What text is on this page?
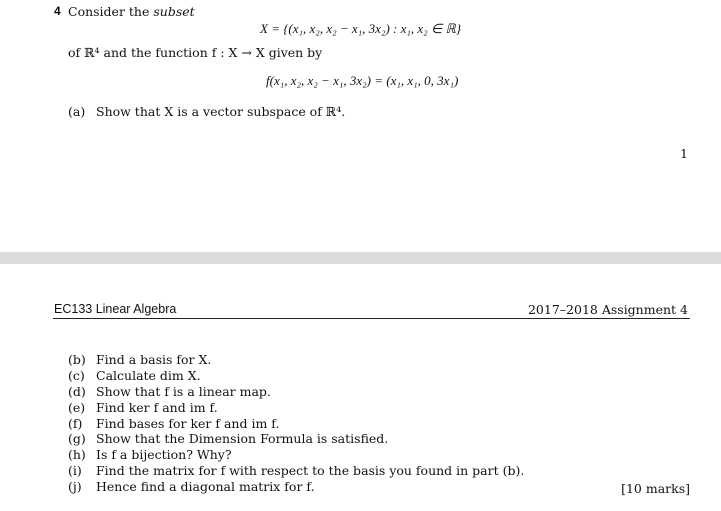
4 Consider the subset
X = {(x₁, x₂, x₂ − x₁, 3x₂) : x₁, x₂ ∈ ℝ}
of ℝ⁴ and the function f : X → X given by
f(x₁, x₂, x₂ − x₁, 3x₂) = (x₁, x₁, 0, 3x₁)
(a) Show that X is a vector subspace of ℝ⁴.
1
EC133 Linear Algebra	2017–2018 Assignment 4
(b) Find a basis for X.
(c) Calculate dim X.
(d) Show that f is a linear map.
(e) Find ker f and im f.
(f) Find bases for ker f and im f.
(g) Show that the Dimension Formula is satisfied.
(h) Is f a bijection? Why?
(i) Find the matrix for f with respect to the basis you found in part (b).
(j) Hence find a diagonal matrix for f.	[10 marks]
